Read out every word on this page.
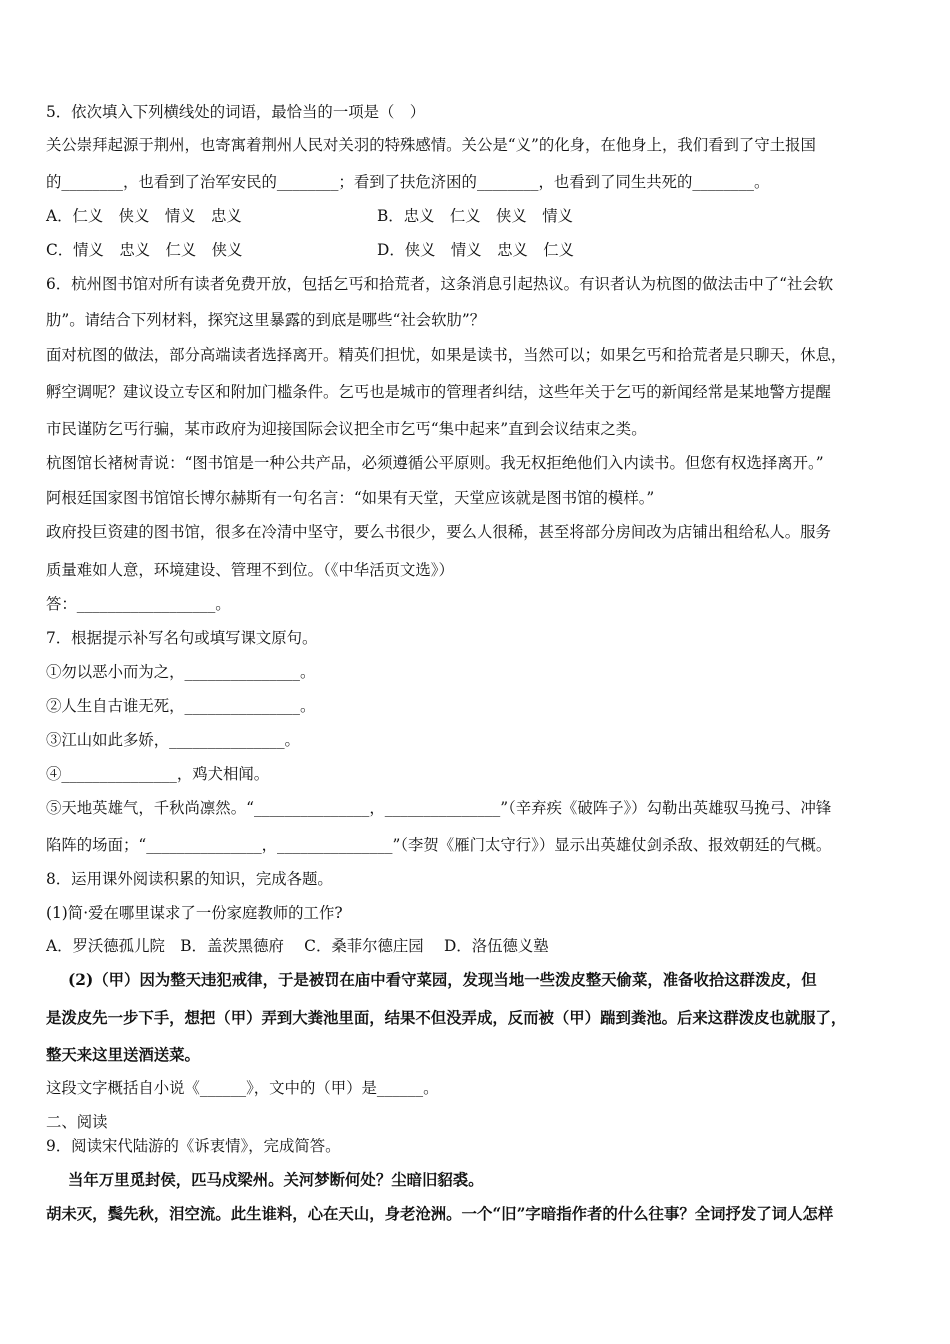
5．依次填入下列横线处的词语，最恰当的一项是（　）
关公崇拜起源于荆州，也寄寓着荆州人民对关羽的特殊感情。关公是“义”的化身，在他身上，我们看到了守土报国
的________，也看到了治军安民的________；看到了扶危济困的________，也看到了同生共死的________。
A．仁义　侠义　情义　忠义	B．忠义　仁义　侠义　情义
C．情义　忠义　仁义　侠义	D．侠义　情义　忠义　仁义
6．杭州图书馆对所有读者免费开放，包括乞丐和拾荒者，这条消息引起热议。有识者认为杭图的做法击中了“社会软
肋”。请结合下列材料，探究这里暴露的到底是哪些“社会软肋”？
面对杭图的做法，部分高端读者选择离开。精英们担忧，如果是读书，当然可以；如果乞丐和拾荒者是只聊天，休息，
孵空调呢？建议设立专区和附加门槛条件。乞丐也是城市的管理者纠结，这些年关于乞丐的新闻经常是某地警方提醒
市民谨防乞丐行骗，某市政府为迎接国际会议把全市乞丐“集中起来”直到会议结束之类。
杭图馆长褚树青说：“图书馆是一种公共产品，必须遵循公平原则。我无权拒绝他们入内读书。但您有权选择离开。”
阿根廷国家图书馆馆长博尔赫斯有一句名言：“如果有天堂，天堂应该就是图书馆的模样。”
政府投巨资建的图书馆，很多在冷清中坚守，要么书很少，要么人很稀，甚至将部分房间改为店铺出租给私人。服务
质量难如人意，环境建设、管理不到位。（《中华活页文选》）
答：__________________。
7．根据提示补写名句或填写课文原句。
①勿以恶小而为之，_______________。
②人生自古谁无死，_______________。
③江山如此多娇，_______________。
④_______________，鸡犬相闻。
⑤天地英雄气，千秋尚凛然。“_______________，_______________”（辛弃疾《破阵子》）勾勒出英雄驭马挽弓、冲锋
陷阵的场面；“_______________，_______________”（李贺《雁门太守行》）显示出英雄仗剑杀敌、报效朝廷的气概。
8．运用课外阅读积累的知识，完成各题。
(1)简·爱在哪里谋求了一份家庭教师的工作?
A．罗沃德孤儿院　B．盖茨黑德府　 C．桑菲尔德庄园　 D．洛伍德义塾
(2)（甲）因为整天违犯戒律，于是被罚在庙中看守菜园，发现当地一些泼皮整天偷菜，准备收拾这群泼皮，但
是泼皮先一步下手，想把（甲）弄到大粪池里面，结果不但没弄成，反而被（甲）踹到粪池。后来这群泼皮也就服了，
整天来这里送酒送菜。
这段文字概括自小说《______》，文中的（甲）是______。
二、阅读
9．阅读宋代陆游的《诉衷情》，完成简答。
当年万里觅封侯，匹马戍梁州。关河梦断何处？尘暗旧貂裘。
胡未灭，鬓先秋，泪空流。此生谁料，心在天山，身老沧洲。一个“旧”字暗指作者的什么往事？全词抒发了词人怎样
